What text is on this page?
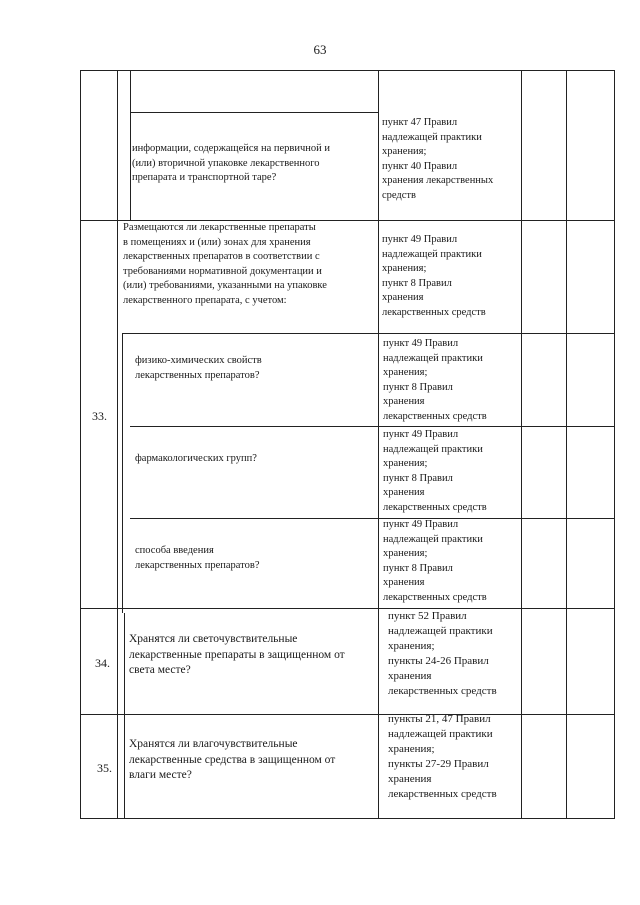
63
информации, содержащейся на первичной и
(или) вторичной упаковке лекарственного
препарата и транспортной таре?
пункт 47 Правил
надлежащей практики
хранения;
пункт 40 Правил
хранения лекарственных
средств
33.
Размещаются ли лекарственные препараты
в помещениях и (или) зонах для хранения
лекарственных препаратов в соответствии с
требованиями нормативной документации и
(или) требованиями, указанными на упаковке
лекарственного препарата, с учетом:
пункт 49 Правил
надлежащей практики
хранения;
пункт 8 Правил
хранения
лекарственных средств
физико-химических свойств
лекарственных препаратов?
пункт 49 Правил
надлежащей практики
хранения;
пункт 8 Правил
хранения
лекарственных средств
фармакологических групп?
пункт 49 Правил
надлежащей практики
хранения;
пункт 8 Правил
хранения
лекарственных средств
способа введения
лекарственных препаратов?
пункт 49 Правил
надлежащей практики
хранения;
пункт 8 Правил
хранения
лекарственных средств
34.
Хранятся ли светочувствительные
лекарственные препараты в защищенном от
света месте?
пункт 52 Правил
надлежащей практики
хранения;
пункты 24-26 Правил
хранения
лекарственных средств
35.
Хранятся ли влагочувствительные
лекарственные средства в защищенном от
влаги месте?
пункты 21, 47 Правил
надлежащей практики
хранения;
пункты 27-29 Правил
хранения
лекарственных средств
